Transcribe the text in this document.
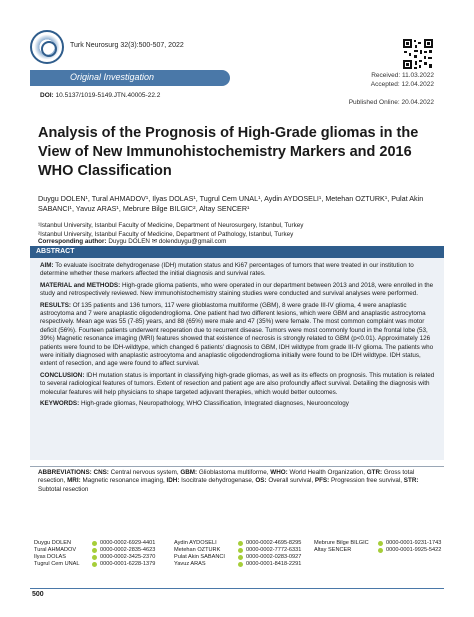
Turk Neurosurg 32(3):500-507, 2022
Original Investigation	Received: 11.03.2022
Accepted: 12.04.2022
Published Online: 20.04.2022
DOI: 10.5137/1019-5149.JTN.40005-22.2
Analysis of the Prognosis of High-Grade gliomas in the View of New Immunohistochemistry Markers and 2016 WHO Classification
Duygu DOLEN¹, Tural AHMADOV¹, Ilyas DOLAS¹, Tugrul Cem UNAL¹, Aydin AYDOSELI¹, Metehan OZTURK¹, Pulat Akin SABANCI¹, Yavuz ARAS¹, Mebrure Bilge BILGIC², Altay SENCER¹
¹Istanbul University, Istanbul Faculty of Medicine, Department of Neurosurgery, Istanbul, Turkey
²Istanbul University, Istanbul Faculty of Medicine, Department of Pathology, Istanbul, Turkey
ABSTRACT
Corresponding author: Duygu DOLEN ✉ dolenduygu@gmail.com

AIM: To evaluate isocitrate dehydrogenase (IDH) mutation status and Ki67 percentages of tumors that were treated in our institution to determine whether these markers affected the initial diagnosis and survival rates.

MATERIAL and METHODS: High-grade glioma patients, who were operated in our department between 2013 and 2018, were enrolled in the study and retrospectively reviewed. New immunohistochemistry staining studies were conducted and survival analyses were performed.

RESULTS: Of 135 patients and 136 tumors, 117 were glioblastoma multiforme (GBM), 8 were grade III-IV glioma, 4 were anaplastic astrocytoma and 7 were anaplastic oligodendroglioma. One patient had two different lesions, which were GBM and anaplastic astrocytoma respectively. Mean age was 55 (7-85) years, and 88 (65%) were male and 47 (35%) were female. The most common complaint was motor deficit (56%). Fourteen patients underwent reoperation due to recurrent disease. Tumors were most commonly found in the frontal lobe (53, 39%) Magnetic resonance imaging (MRI) features showed that existence of necrosis is strongly related to GBM (p<0.01). Approximately 126 patients were found to be IDH-wildtype, which changed 6 patients' diagnosis to GBM, IDH wildtype from grade III-IV glioma. The patients who were initially diagnosed with anaplastic astrocytoma and anaplastic oligodendroglioma initially were found to be IDH wildtype. IDH status, extent of resection, and age were found to affect survival.

CONCLUSION: IDH mutation status is important in classifying high-grade gliomas, as well as its effects on prognosis. This mutation is related to several radiological features of tumors. Extent of resection and patient age are also profoundly affect survival. Detailing the diagnosis with molecular features will help physicians to shape targeted adjuvant therapies, which would better outcomes.

KEYWORDS: High-grade gliomas, Neuropathology, WHO Classification, Integrated diagnoses, Neurooncology

ABBREVIATIONS: CNS: Central nervous system, GBM: Glioblastoma multiforme, WHO: World Health Organization, GTR: Gross total resection, MRI: Magnetic resonance imaging, IDH: Isocitrate dehydrogenase, OS: Overall survival, PFS: Progression free survival, STR: Subtotal resection
Duygu DOLEN	0000-0002-6929-4401
Tural AHMADOV	0000-0002-2835-4623
Ilyas DOLAS	0000-0002-3425-2370
Tugrul Cem UNAL	0000-0001-6228-1379
Aydin AYDOSELI	0000-0002-4695-8295
Metehan OZTURK	0000-0002-7772-6331
Pulat Akin SABANCI	0000-0002-0283-0927
Yavuz ARAS	0000-0001-8418-2291
Mebrure Bilge BILGIC	0000-0001-9231-1743
Altay SENCER	0000-0001-9925-5422
500
